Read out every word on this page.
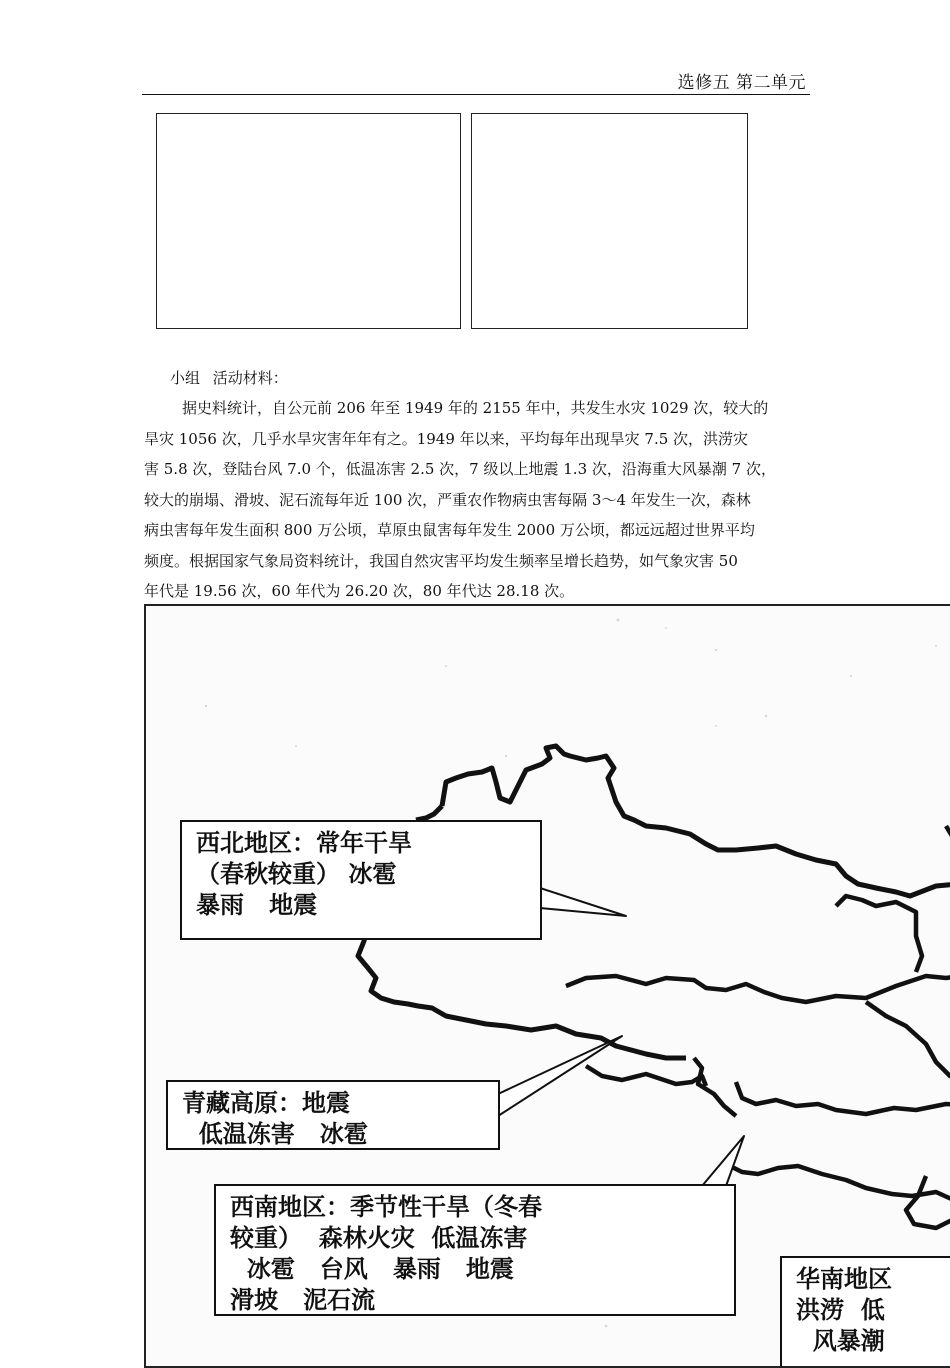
选修五 第二单元
小组 活动材料：
据史料统计，自公元前 206 年至 1949 年的 2155 年中，共发生水灾 1029 次，较大的
旱灾 1056 次，几乎水旱灾害年年有之。1949 年以来，平均每年出现旱灾 7.5 次，洪涝灾
害 5.8 次，登陆台风 7.0 个，低温冻害 2.5 次，7 级以上地震 1.3 次，沿海重大风暴潮 7 次，
较大的崩塌、滑坡、泥石流每年近 100 次，严重农作物病虫害每隔 3～4 年发生一次，森林
病虫害每年发生面积 800 万公顷，草原虫鼠害每年发生 2000 万公顷，都远远超过世界平均
频度。根据国家气象局资料统计，我国自然灾害平均发生频率呈增长趋势，如气象灾害 50
年代是 19.56 次，60 年代为 26.20 次，80 年代达 28.18 次。
西北地区：常年干旱
（春秋较重） 冰雹
暴雨   地震
青藏高原：地震
低温冻害   冰雹
西南地区：季节性干旱（冬春
较重）  森林火灾  低温冻害
冰雹   台风   暴雨   地震
滑坡   泥石流
华南地区
洪涝  低
风暴潮
